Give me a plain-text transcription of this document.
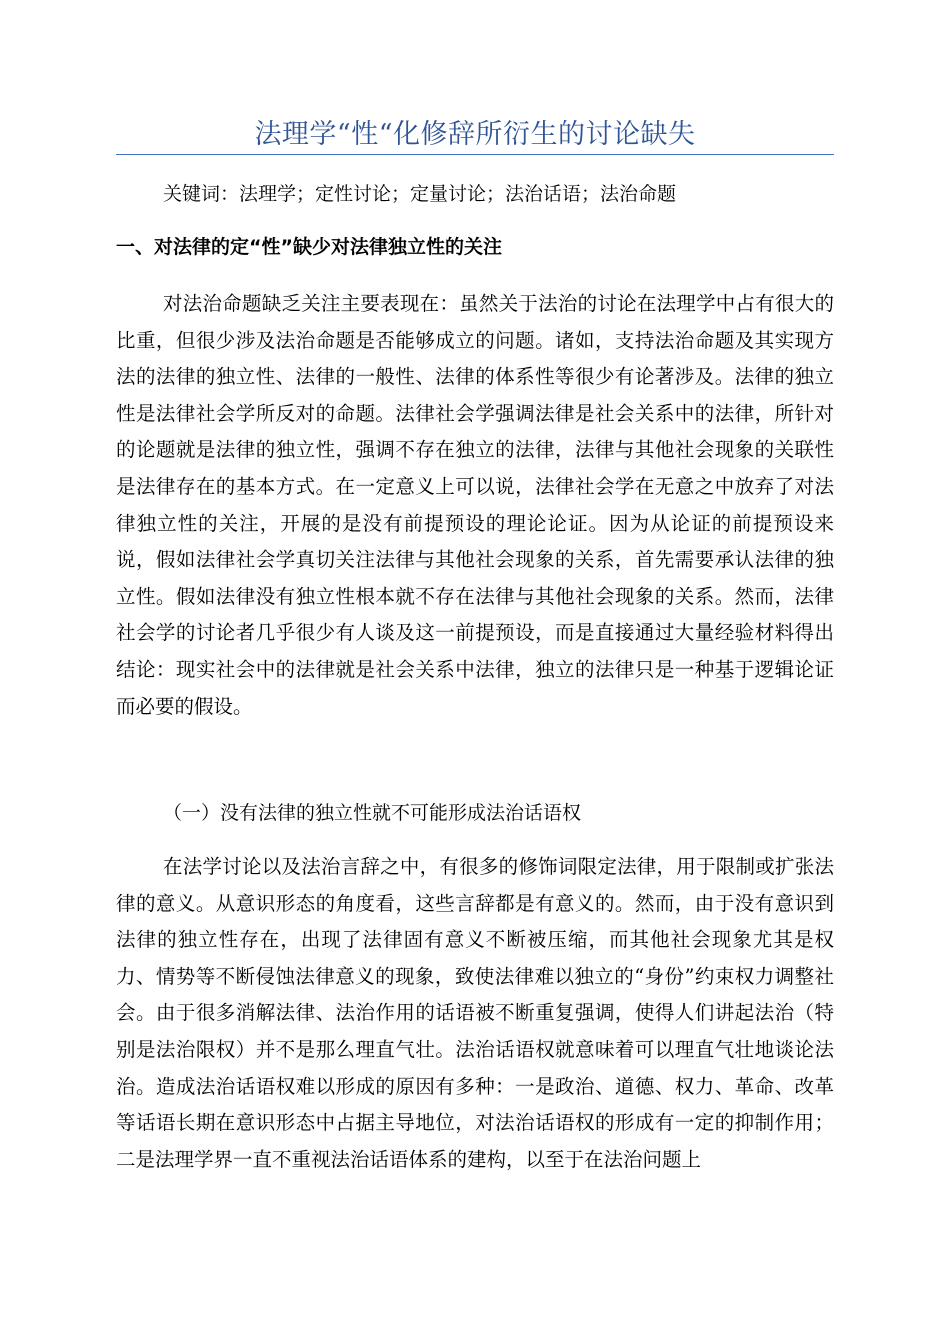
法理学“性“化修辞所衍生的讨论缺失
关键词：法理学；定性讨论；定量讨论；法治话语；法治命题
一、对法律的定“性”缺少对法律独立性的关注

对法治命题缺乏关注主要表现在：虽然关于法治的讨论在法理学中占有很大的比重，但很少涉及法治命题是否能够成立的问题。诸如，支持法治命题及其实现方法的法律的独立性、法律的一般性、法律的体系性等很少有论著涉及。法律的独立性是法律社会学所反对的命题。法律社会学强调法律是社会关系中的法律，所针对的论题就是法律的独立性，强调不存在独立的法律，法律与其他社会现象的关联性是法律存在的基本方式。在一定意义上可以说，法律社会学在无意之中放弃了对法律独立性的关注，开展的是没有前提预设的理论论证。因为从论证的前提预设来说，假如法律社会学真切关注法律与其他社会现象的关系，首先需要承认法律的独立性。假如法律没有独立性根本就不存在法律与其他社会现象的关系。然而，法律社会学的讨论者几乎很少有人谈及这一前提预设，而是直接通过大量经验材料得出结论：现实社会中的法律就是社会关系中法律，独立的法律只是一种基于逻辑论证而必要的假设。

（一）没有法律的独立性就不可能形成法治话语权

在法学讨论以及法治言辞之中，有很多的修饰词限定法律，用于限制或扩张法律的意义。从意识形态的角度看，这些言辞都是有意义的。然而，由于没有意识到法律的独立性存在，出现了法律固有意义不断被压缩，而其他社会现象尤其是权力、情势等不断侵蚀法律意义的现象，致使法律难以独立的“身份”约束权力调整社会。由于很多消解法律、法治作用的话语被不断重复强调，使得人们讲起法治（特别是法治限权）并不是那么理直气壮。法治话语权就意味着可以理直气壮地谈论法治。造成法治话语权难以形成的原因有多种：一是政治、道德、权力、革命、改革等话语长期在意识形态中占据主导地位，对法治话语权的形成有一定的抑制作用；二是法理学界一直不重视法治话语体系的建构，以至于在法治问题上
